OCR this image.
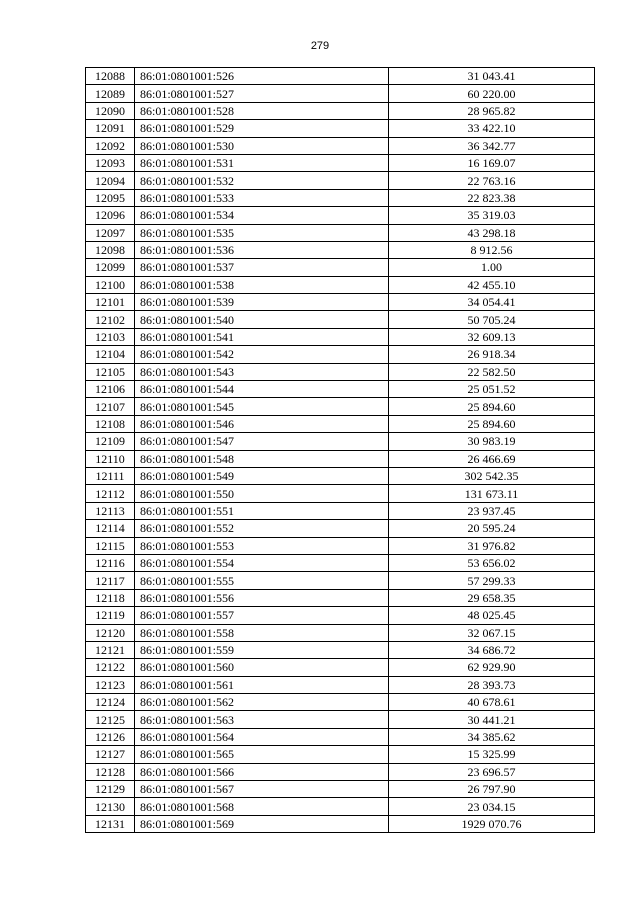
279
12088	86:01:0801001:526	31 043.41
12089	86:01:0801001:527	60 220.00
12090	86:01:0801001:528	28 965.82
12091	86:01:0801001:529	33 422.10
12092	86:01:0801001:530	36 342.77
12093	86:01:0801001:531	16 169.07
12094	86:01:0801001:532	22 763.16
12095	86:01:0801001:533	22 823.38
12096	86:01:0801001:534	35 319.03
12097	86:01:0801001:535	43 298.18
12098	86:01:0801001:536	8 912.56
12099	86:01:0801001:537	1.00
12100	86:01:0801001:538	42 455.10
12101	86:01:0801001:539	34 054.41
12102	86:01:0801001:540	50 705.24
12103	86:01:0801001:541	32 609.13
12104	86:01:0801001:542	26 918.34
12105	86:01:0801001:543	22 582.50
12106	86:01:0801001:544	25 051.52
12107	86:01:0801001:545	25 894.60
12108	86:01:0801001:546	25 894.60
12109	86:01:0801001:547	30 983.19
12110	86:01:0801001:548	26 466.69
12111	86:01:0801001:549	302 542.35
12112	86:01:0801001:550	131 673.11
12113	86:01:0801001:551	23 937.45
12114	86:01:0801001:552	20 595.24
12115	86:01:0801001:553	31 976.82
12116	86:01:0801001:554	53 656.02
12117	86:01:0801001:555	57 299.33
12118	86:01:0801001:556	29 658.35
12119	86:01:0801001:557	48 025.45
12120	86:01:0801001:558	32 067.15
12121	86:01:0801001:559	34 686.72
12122	86:01:0801001:560	62 929.90
12123	86:01:0801001:561	28 393.73
12124	86:01:0801001:562	40 678.61
12125	86:01:0801001:563	30 441.21
12126	86:01:0801001:564	34 385.62
12127	86:01:0801001:565	15 325.99
12128	86:01:0801001:566	23 696.57
12129	86:01:0801001:567	26 797.90
12130	86:01:0801001:568	23 034.15
12131	86:01:0801001:569	1929 070.76
